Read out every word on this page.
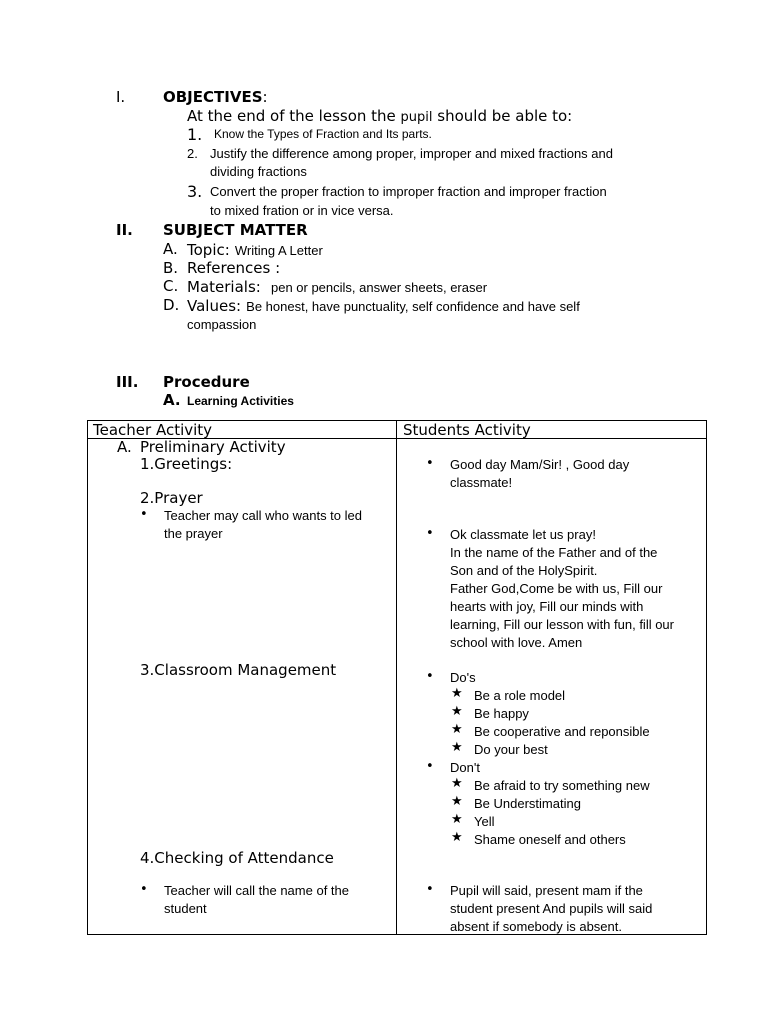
I.	OBJECTIVES:
At the end of the lesson the pupil should be able to:
1. Know the Types of Fraction and Its parts.
2. Justify the difference among proper, improper and mixed fractions and
dividing fractions
3. Convert the proper fraction to improper fraction and improper fraction
to mixed fration or in vice versa.
II. SUBJECT MATTER
A. Topic: Writing A Letter
B. References :
C. Materials: pen or pencils, answer sheets, eraser
D. Values: Be honest, have punctuality, self confidence and have self
compassion
III. Procedure
A. Learning Activities
Teacher Activity	Students Activity
A. Preliminary Activity
1.Greetings:
2.Prayer
• Teacher may call who wants to led
the prayer
3.Classroom Management
4.Checking of Attendance
• Teacher will call the name of the
student
• Good day Mam/Sir! , Good day
classmate!
• Ok classmate let us pray!
In the name of the Father and of the
Son and of the HolySpirit.
Father God,Come be with us, Fill our
hearts with joy, Fill our minds with
learning, Fill our lesson with fun, fill our
school with love. Amen
• Do's
★ Be a role model
★ Be happy
★ Be cooperative and reponsible
★ Do your best
• Don't
★ Be afraid to try something new
★ Be Understimating
★ Yell
★ Shame oneself and others
• Pupil will said, present mam if the
student present And pupils will said
absent if somebody is absent.
